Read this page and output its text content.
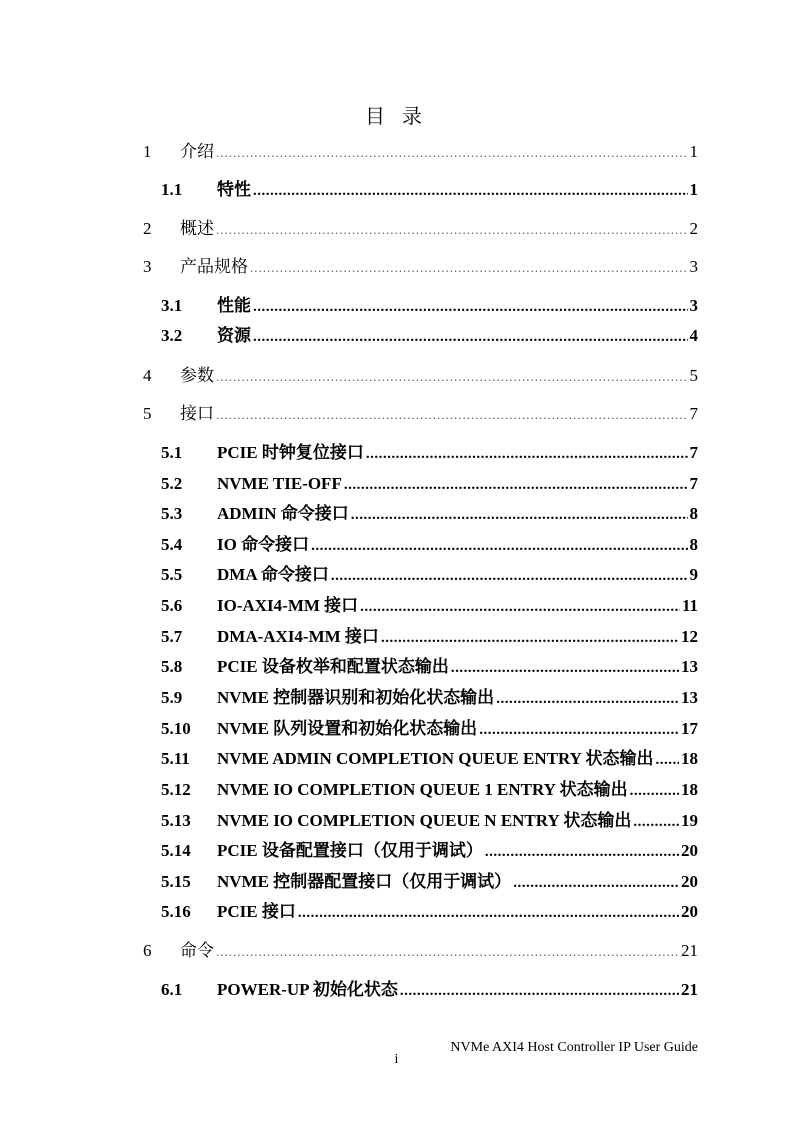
目 录
1 介绍 .....	1
1.1 特性 .....	1
2 概述 .....	2
3 产品规格 .....	3
3.1 性能 .....	3
3.2 资源 .....	4
4 参数 .....	5
5 接口 .....	7
5.1 PCIE 时钟复位接口 .....	7
5.2 NVME TIE-OFF .....	7
5.3 ADMIN 命令接口 .....	8
5.4 IO 命令接口 .....	8
5.5 DMA 命令接口 .....	9
5.6 IO-AXI4-MM 接口 .....	11
5.7 DMA-AXI4-MM 接口 .....	12
5.8 PCIE 设备枚举和配置状态输出 .....	13
5.9 NVME 控制器识别和初始化状态输出 .....	13
5.10 NVME 队列设置和初始化状态输出 .....	17
5.11 NVME ADMIN COMPLETION QUEUE ENTRY 状态输出 ..... 18
5.12 NVME IO COMPLETION QUEUE 1 ENTRY 状态输出 .....	18
5.13 NVME IO COMPLETION QUEUE N ENTRY 状态输出 .....	19
5.14 PCIE 设备配置接口（仅用于调试） .....	20
5.15 NVME 控制器配置接口（仅用于调试） .....	20
5.16 PCIE 接口 .....	20
6 命令 .....	21
6.1 POWER-UP 初始化状态 .....	21
NVMe AXI4 Host Controller IP User Guide
i
